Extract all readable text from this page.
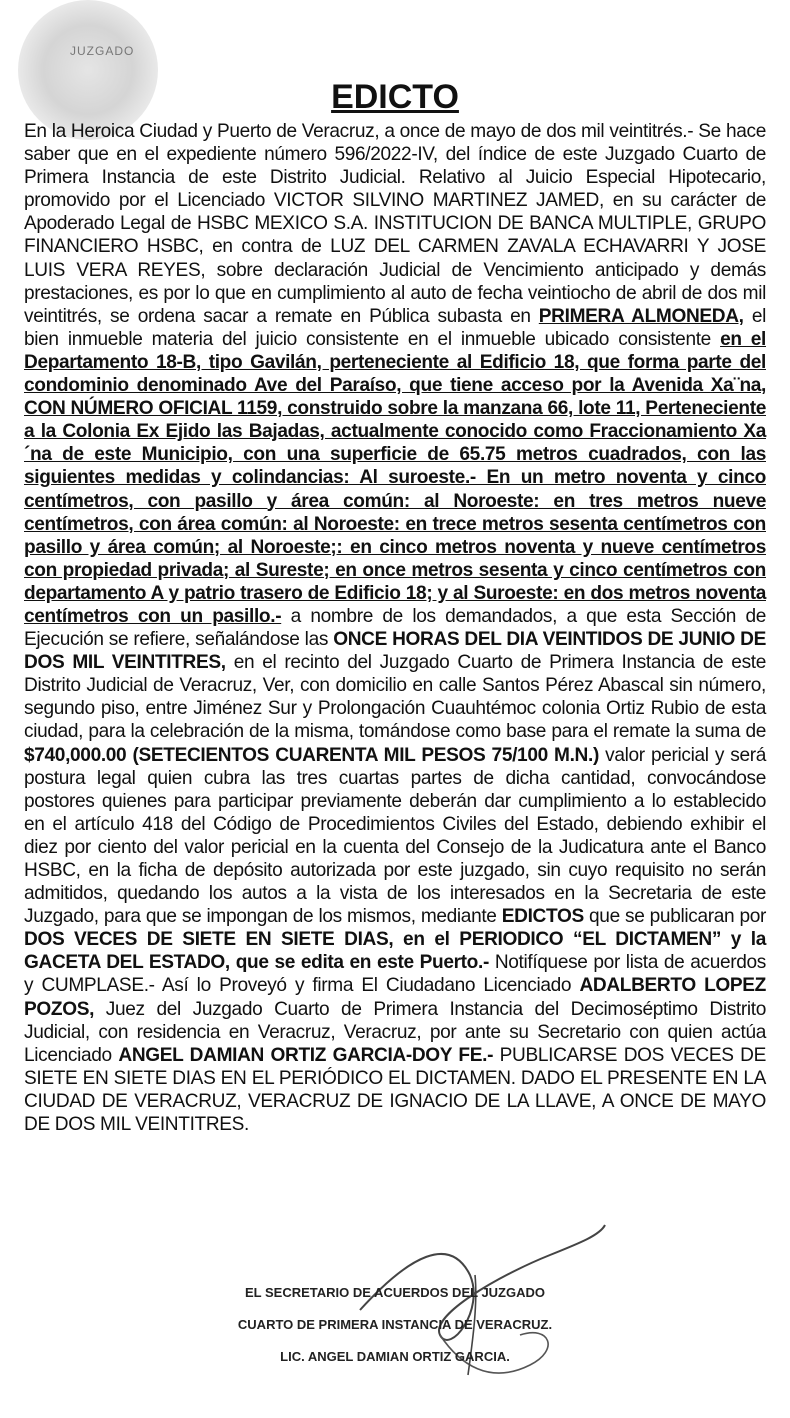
JUZGADO
EDICTO
En la Heroica Ciudad y Puerto de Veracruz, a once de mayo de dos mil veintitrés.- Se hace saber que en el expediente número 596/2022-IV, del índice de este Juzgado Cuarto de Primera Instancia de este Distrito Judicial. Relativo al Juicio Especial Hipotecario, promovido por el Licenciado VICTOR SILVINO MARTINEZ JAMED, en su carácter de Apoderado Legal de HSBC MEXICO S.A. INSTITUCION DE BANCA MULTIPLE, GRUPO FINANCIERO HSBC, en contra de LUZ DEL CARMEN ZAVALA ECHAVARRI Y JOSE LUIS VERA REYES, sobre declaración Judicial de Vencimiento anticipado y demás prestaciones, es por lo que en cumplimiento al auto de fecha veintiocho de abril de dos mil veintitrés, se ordena sacar a remate en Pública subasta en PRIMERA ALMONEDA, el bien inmueble materia del juicio consistente en el inmueble ubicado consistente en el Departamento 18-B, tipo Gavilán, perteneciente al Edificio 18, que forma parte del condominio denominado Ave del Paraíso, que tiene acceso por la Avenida Xa¨na, CON NÚMERO OFICIAL 1159, construido sobre la manzana 66, lote 11, Perteneciente a la Colonia Ex Ejido las Bajadas, actualmente conocido como Fraccionamiento Xa´na de este Municipio, con una superficie de 65.75 metros cuadrados, con las siguientes medidas y colindancias: Al suroeste.- En un metro noventa y cinco centímetros, con pasillo y área común: al Noroeste: en tres metros nueve centímetros, con área común: al Noroeste: en trece metros sesenta centímetros con pasillo y área común; al Noroeste;: en cinco metros noventa y nueve centímetros con propiedad privada; al Sureste; en once metros sesenta y cinco centímetros con departamento A y patrio trasero de Edificio 18; y al Suroeste: en dos metros noventa centímetros con un pasillo.- a nombre de los demandados, a que esta Sección de Ejecución se refiere, señalándose las ONCE HORAS DEL DIA VEINTIDOS DE JUNIO DE DOS MIL VEINTITRES, en el recinto del Juzgado Cuarto de Primera Instancia de este Distrito Judicial de Veracruz, Ver, con domicilio en calle Santos Pérez Abascal sin número, segundo piso, entre Jiménez Sur y Prolongación Cuauhtémoc colonia Ortiz Rubio de esta ciudad, para la celebración de la misma, tomándose como base para el remate la suma de $740,000.00 (SETECIENTOS CUARENTA MIL PESOS 75/100 M.N.) valor pericial y será postura legal quien cubra las tres cuartas partes de dicha cantidad, convocándose postores quienes para participar previamente deberán dar cumplimiento a lo establecido en el artículo 418 del Código de Procedimientos Civiles del Estado, debiendo exhibir el diez por ciento del valor pericial en la cuenta del Consejo de la Judicatura ante el Banco HSBC, en la ficha de depósito autorizada por este juzgado, sin cuyo requisito no serán admitidos, quedando los autos a la vista de los interesados en la Secretaria de este Juzgado, para que se impongan de los mismos, mediante EDICTOS que se publicaran por DOS VECES DE SIETE EN SIETE DIAS, en el PERIODICO “EL DICTAMEN” y la GACETA DEL ESTADO, que se edita en este Puerto.- Notifíquese por lista de acuerdos y CUMPLASE.- Así lo Proveyó y firma El Ciudadano Licenciado ADALBERTO LOPEZ POZOS, Juez del Juzgado Cuarto de Primera Instancia del Decimoséptimo Distrito Judicial, con residencia en Veracruz, Veracruz, por ante su Secretario con quien actúa Licenciado ANGEL DAMIAN ORTIZ GARCIA-DOY FE.- PUBLICARSE DOS VECES DE SIETE EN SIETE DIAS EN EL PERIÓDICO EL DICTAMEN. DADO EL PRESENTE EN LA CIUDAD DE VERACRUZ, VERACRUZ DE IGNACIO DE LA LLAVE, A ONCE DE MAYO DE DOS MIL VEINTITRES.
EL SECRETARIO DE ACUERDOS DEL JUZGADO
CUARTO DE PRIMERA INSTANCIA DE VERACRUZ.
LIC. ANGEL DAMIAN ORTIZ GARCIA.
